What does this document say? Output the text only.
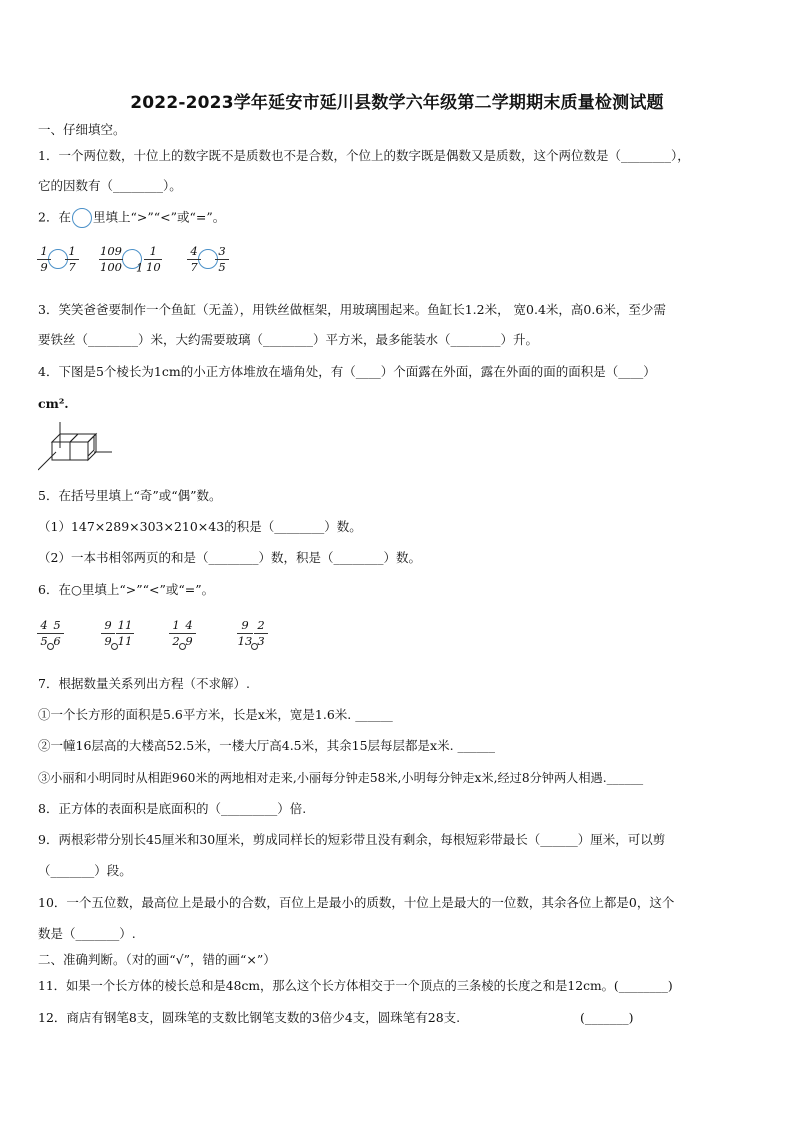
2022-2023学年延安市延川县数学六年级第二学期期末质量检测试题
一、仔细填空。
1．一个两位数，十位上的数字既不是质数也不是合数，个位上的数字既是偶数又是质数，这个两位数是（________），
它的因数有（________）。
2．在 里填上“>”“<”或“=”。
$\frac{1}{9} \frac{1}{7} \frac{109}{100} _1 \frac{1}{10} \frac{4}{7} \frac{3}{5}$
3．笑笑爸爸要制作一个鱼缸（无盖），用铁丝做框架，用玻璃围起来。鱼缸长1.2米， 宽0.4米，高0.6米，至少需
要铁丝（________）米，大约需要玻璃（________）平方米，最多能装水（________）升。
4．下图是5个棱长为1cm的小正方体堆放在墙角处，有（____）个面露在外面，露在外面的面的面积是（____）
cm².
5．在括号里填上“奇”或“偶”数。
（1）147×289×303×210×43的积是（________）数。
（2）一本书相邻两页的和是（________）数，积是（________）数。
6．在○里填上“>”“<”或“=”。
$\frac{4}{5}$
$\frac{5}{6}$	$\frac{9}{9} \frac{11}{11}$	$\frac{1}{2}$
$\frac{4}{9}$	$\frac{9}{13} \frac{2}{3}$
7．根据数量关系列出方程（不求解）.
①一个长方形的面积是5.6平方米，长是x米，宽是1.6米. ______
②一幢16层高的大楼高52.5米，一楼大厅高4.5米，其余15层每层都是x米. ______
③小丽和小明同时从相距960米的两地相对走来,小丽每分钟走58米,小明每分钟走x米,经过8分钟两人相遇.______
8．正方体的表面积是底面积的（_________）倍.
9．两根彩带分别长45厘米和30厘米，剪成同样长的短彩带且没有剩余，每根短彩带最长（______）厘米，可以剪
（_______）段。
10．一个五位数，最高位上是最小的合数，百位上是最小的质数，十位上是最大的一位数，其余各位上都是0，这个
数是（_______）.
二、准确判断。（对的画“√”，错的画“×”）
11．如果一个长方体的棱长总和是48cm，那么这个长方体相交于一个顶点的三条棱的长度之和是12cm。(________)
12．商店有钢笔8支，圆珠笔的支数比钢笔支数的3倍少4支，圆珠笔有28支.	(_______)
